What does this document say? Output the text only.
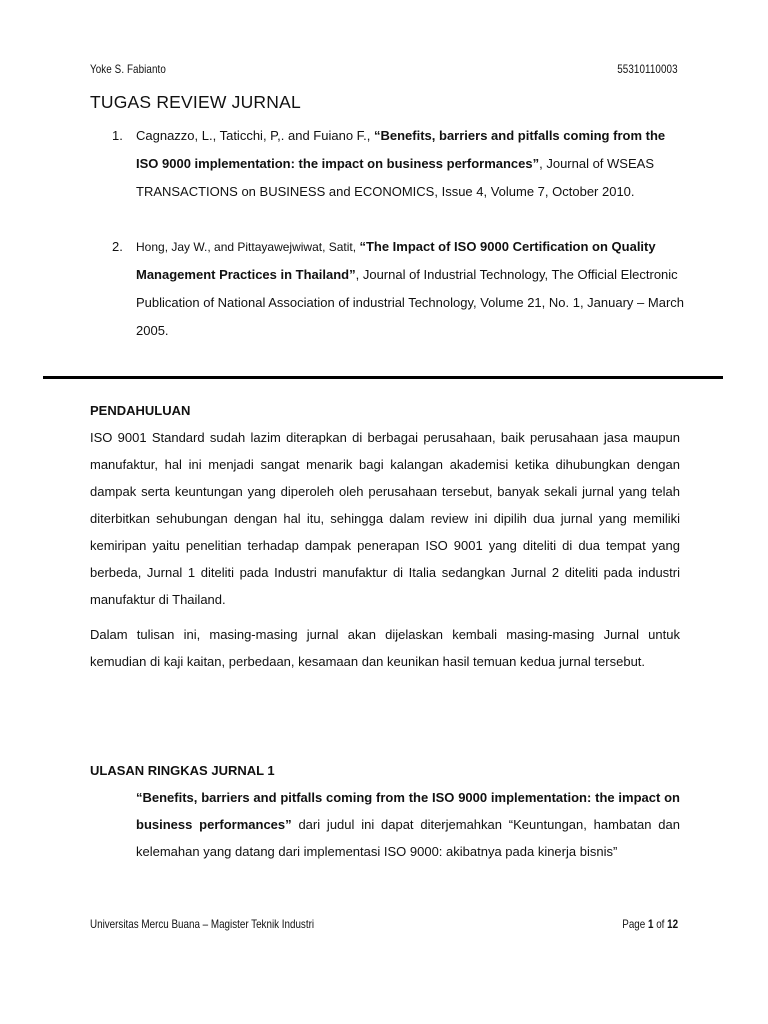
Yoke S. Fabianto	55310110003
TUGAS REVIEW JURNAL
1. Cagnazzo, L., Taticchi, P,. and Fuiano F., “Benefits, barriers and pitfalls coming from the ISO 9000 implementation: the impact on business performances”, Journal of WSEAS TRANSACTIONS on BUSINESS and ECONOMICS, Issue 4, Volume 7, October 2010.
2. Hong, Jay W., and Pittayawejwiwat, Satit, “The Impact of ISO 9000 Certification on Quality Management Practices in Thailand”, Journal of Industrial Technology, The Official Electronic Publication of National Association of industrial Technology, Volume 21, No. 1, January – March 2005.
PENDAHULUAN

ISO 9001 Standard sudah lazim diterapkan di berbagai perusahaan, baik perusahaan jasa maupun manufaktur, hal ini menjadi sangat menarik bagi kalangan akademisi ketika dihubungkan dengan dampak serta keuntungan yang diperoleh oleh perusahaan tersebut, banyak sekali jurnal yang telah diterbitkan sehubungan dengan hal itu, sehingga dalam review ini dipilih dua jurnal yang memiliki kemiripan yaitu penelitian terhadap dampak penerapan ISO 9001 yang diteliti di dua tempat yang berbeda, Jurnal 1 diteliti pada Industri manufaktur di Italia sedangkan Jurnal 2 diteliti pada industri manufaktur di Thailand.

Dalam tulisan ini, masing-masing jurnal akan dijelaskan kembali masing-masing Jurnal untuk kemudian di kaji kaitan, perbedaan, kesamaan dan keunikan hasil temuan kedua jurnal tersebut.

ULASAN RINGKAS JURNAL 1
“Benefits, barriers and pitfalls coming from the ISO 9000 implementation: the impact on business performances” dari judul ini dapat diterjemahkan “Keuntungan, hambatan dan kelemahan yang datang dari implementasi ISO 9000: akibatnya pada kinerja bisnis”
Universitas Mercu Buana – Magister Teknik Industri	Page 1 of 12
